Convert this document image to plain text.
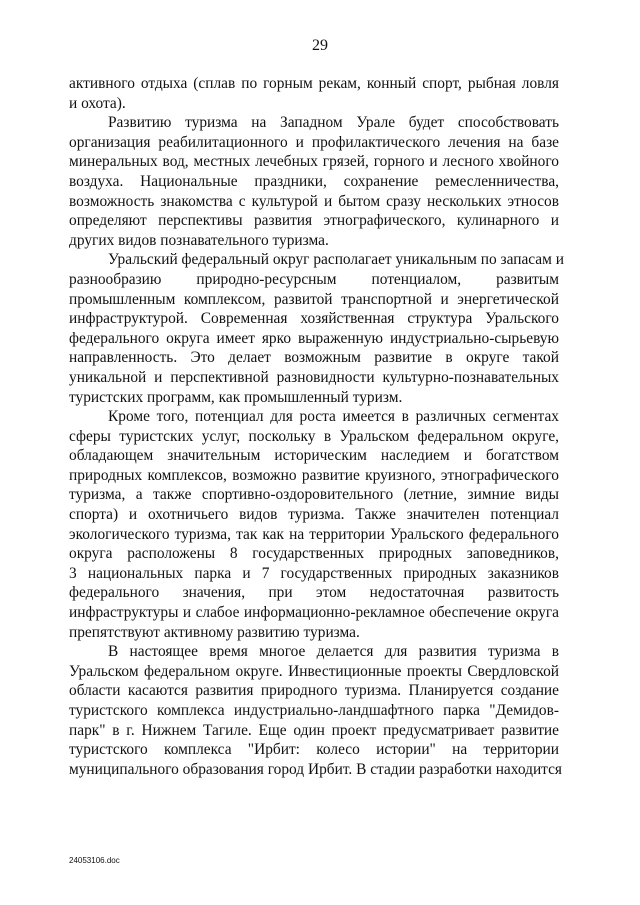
29
активного отдыха (сплав по горным рекам, конный спорт, рыбная ловля
и охота).
Развитию туризма на Западном Урале будет способствовать
организация реабилитационного и профилактического лечения на базе
минеральных вод, местных лечебных грязей, горного и лесного хвойного
воздуха. Национальные праздники, сохранение ремесленничества,
возможность знакомства с культурой и бытом сразу нескольких этносов
определяют перспективы развития этнографического, кулинарного и
других видов познавательного туризма.
Уральский федеральный округ располагает уникальным по запасам и
разнообразию природно-ресурсным потенциалом, развитым
промышленным комплексом, развитой транспортной и энергетической
инфраструктурой. Современная хозяйственная структура Уральского
федерального округа имеет ярко выраженную индустриально-сырьевую
направленность. Это делает возможным развитие в округе такой
уникальной и перспективной разновидности культурно-познавательных
туристских программ, как промышленный туризм.
Кроме того, потенциал для роста имеется в различных сегментах
сферы туристских услуг, поскольку в Уральском федеральном округе,
обладающем значительным историческим наследием и богатством
природных комплексов, возможно развитие круизного, этнографического
туризма, а также спортивно-оздоровительного (летние, зимние виды
спорта) и охотничьего видов туризма. Также значителен потенциал
экологического туризма, так как на территории Уральского федерального
округа расположены 8 государственных природных заповедников,
3 национальных парка и 7 государственных природных заказников
федерального значения, при этом недостаточная развитость
инфраструктуры и слабое информационно-рекламное обеспечение округа
препятствуют активному развитию туризма.
В настоящее время многое делается для развития туризма в
Уральском федеральном округе. Инвестиционные проекты Свердловской
области касаются развития природного туризма. Планируется создание
туристского комплекса индустриально-ландшафтного парка "Демидов-
парк" в г. Нижнем Тагиле. Еще один проект предусматривает развитие
туристского комплекса "Ирбит: колесо истории" на территории
муниципального образования город Ирбит. В стадии разработки находится
24053106.doc
